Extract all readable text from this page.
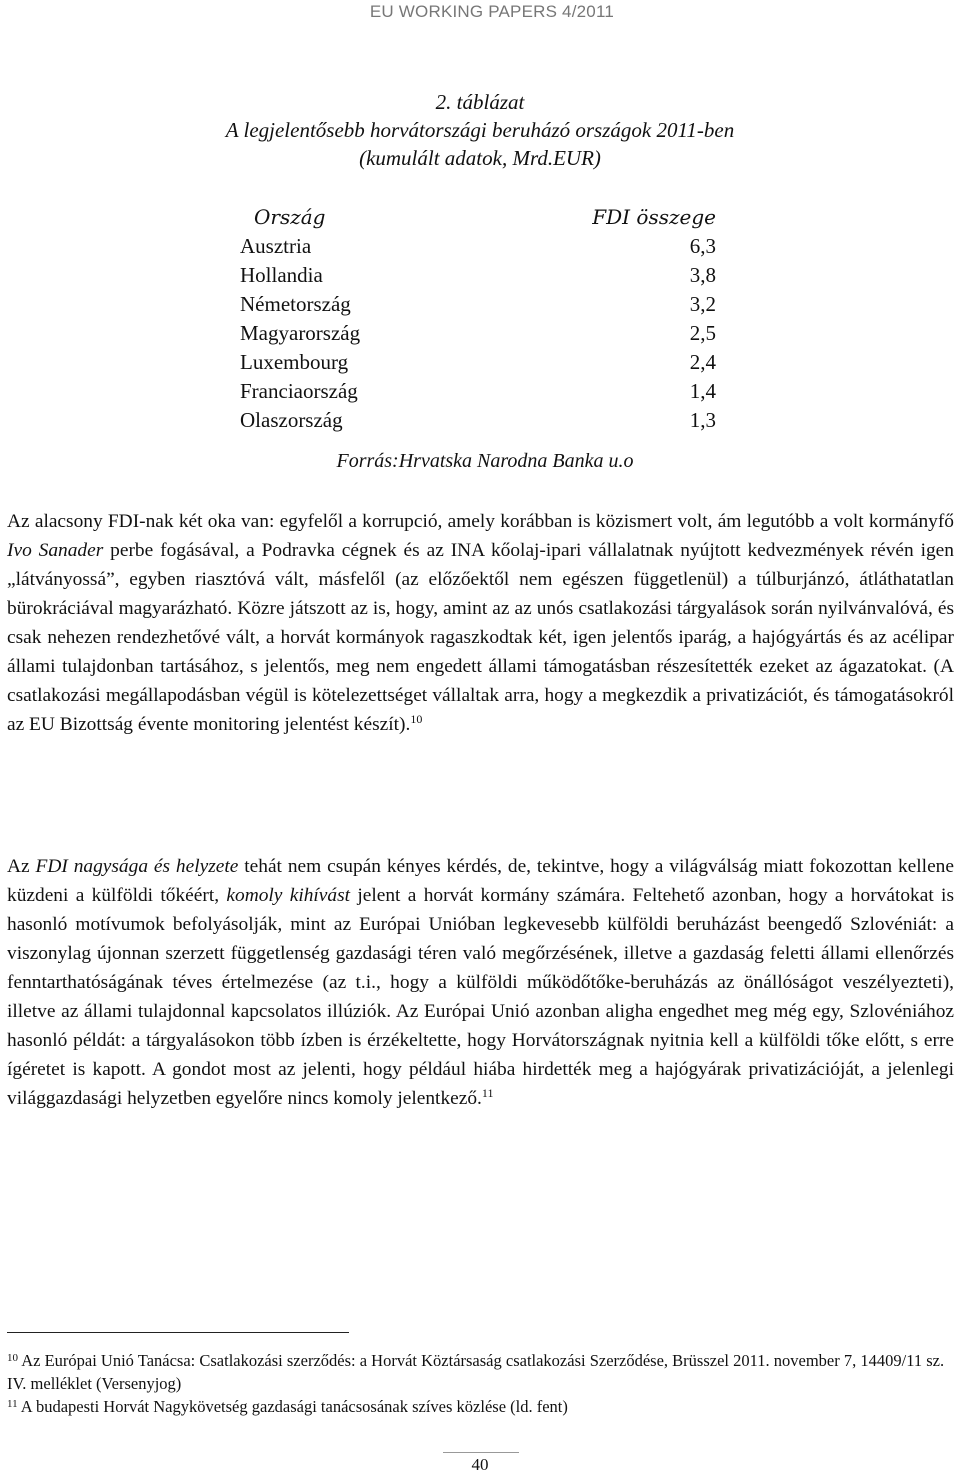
EU WORKING PAPERS 4/2011
2. táblázat
A legjelentősebb horvátországi beruházó országok 2011-ben
(kumulált adatok, Mrd.EUR)
Ország	FDI összege
Ausztria	6,3
Hollandia	3,8
Németország	3,2
Magyarország	2,5
Luxembourg	2,4
Franciaország	1,4
Olaszország	1,3
Forrás:Hrvatska Narodna Banka u.o

Az alacsony FDI-nak két oka van: egyfelől a korrupció, amely korábban is közismert volt, ám legutóbb a volt kormányfő Ivo Sanader perbe fogásával, a Podravka cégnek és az INA kőolaj-ipari vállalatnak nyújtott kedvezmények révén igen „látványossá”, egyben riasztóvá vált, másfelől (az előzőektől nem egészen függetlenül) a túlburjánzó, átláthatatlan bürokráciával magyarázható. Közre játszott az is, hogy, amint az az unós csatlakozási tárgyalások során nyilvánvalóvá, és csak nehezen rendezhetővé vált, a horvát kormányok ragaszkodtak két, igen jelentős iparág, a hajógyártás és az acélipar állami tulajdonban tartásához, s jelentős, meg nem engedett állami támogatásban részesítették ezeket az ágazatokat. (A csatlakozási megállapodásban végül is kötelezettséget vállaltak arra, hogy a megkezdik a privatizációt, és támogatásokról az EU Bizottság évente monitoring jelentést készít).$^{10}$

Az FDI nagysága és helyzete tehát nem csupán kényes kérdés, de, tekintve, hogy a világválság miatt fokozottan kellene küzdeni a külföldi tőkéért, komoly kihívást jelent a horvát kormány számára. Feltehető azonban, hogy a horvátokat is hasonló motívumok befolyásolják, mint az Európai Unióban legkevesebb külföldi beruházást beengedő Szlovéniát: a viszonylag újonnan szerzett függetlenség gazdasági téren való megőrzésének, illetve a gazdaság feletti állami ellenőrzés fenntarthatóságának téves értelmezése (az t.i., hogy a külföldi működőtőke-beruházás az önállóságot veszélyezteti), illetve az állami tulajdonnal kapcsolatos illúziók. Az Európai Unió azonban aligha engedhet meg még egy, Szlovéniához hasonló példát: a tárgyalásokon több ízben is érzékeltette, hogy Horvátországnak nyitnia kell a külföldi tőke előtt, s erre ígéretet is kapott. A gondot most az jelenti, hogy például hiába hirdették meg a hajógyárak privatizációját, a jelenlegi világgazdasági helyzetben egyelőre nincs komoly jelentkező.$^{11}$

$^{10}$ Az Európai Unió Tanácsa: Csatlakozási szerződés: a Horvát Köztársaság csatlakozási Szerződése, Brüsszel 2011. november 7, 14409/11 sz. IV. melléklet (Versenyjog)

$^{11}$ A budapesti Horvát Nagykövetség gazdasági tanácsosának szíves közlése (ld. fent)

40
